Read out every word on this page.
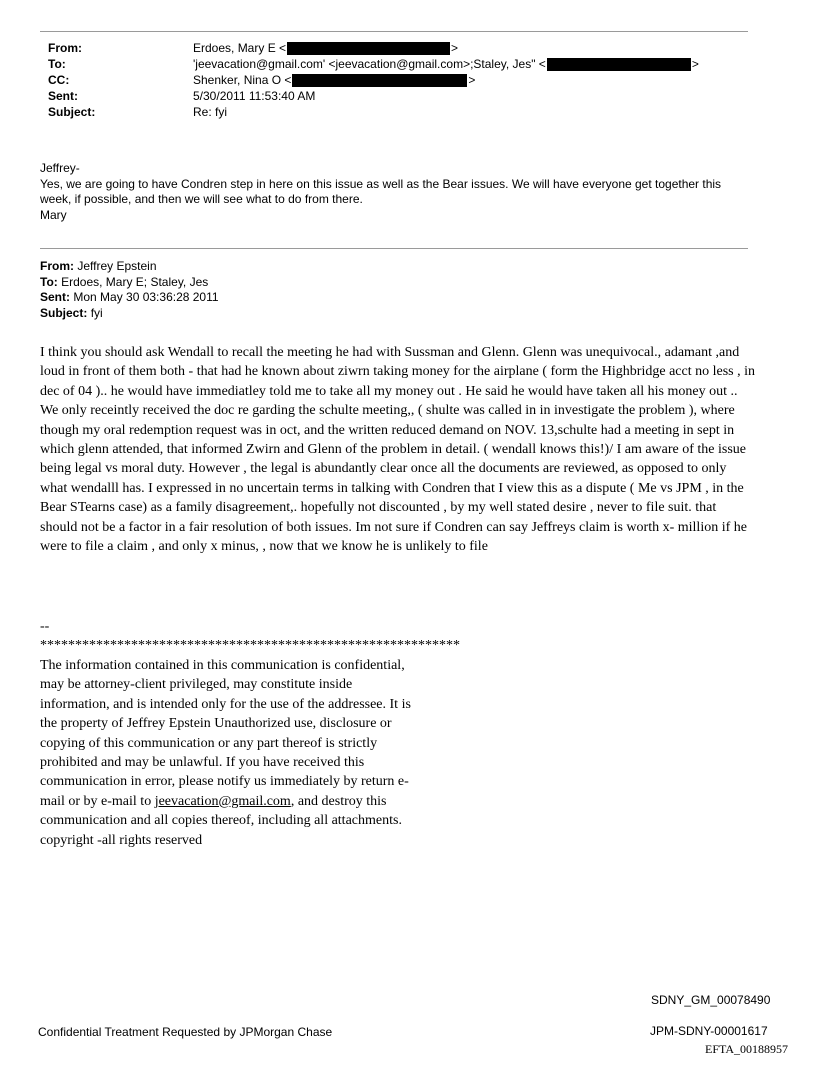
From:	Erdoes, Mary E <	>
To:	'jeevacation@gmail.com' <jeevacation@gmail.com>;Staley, Jes" <	>
CC:	Shenker, Nina O <	>
Sent:	5/30/2011 11:53:40 AM
Subject:	Re: fyi

Jeffrey-

Yes, we are going to have Condren step in here on this issue as well as the Bear issues. We will have everyone get together this week, if possible, and then we will see what to do from there.

Mary

From: Jeffrey Epstein
To: Erdoes, Mary E; Staley, Jes
Sent: Mon May 30 03:36:28 2011
Subject: fyi

I think you should ask Wendall to recall the meeting he had with Sussman and Glenn. Glenn was unequivocal., adamant ,and loud in front of them both - that had he known about ziwrn taking money for the airplane ( form the Highbridge acct no less , in dec of 04 ).. he would have immediatley told me to take all my money out . He said he would have taken all his money out .. We only receintly received the doc re garding the schulte meeting,, ( shulte was called in in investigate the problem ), where though my oral redemption request was in oct, and the written reduced demand on NOV. 13,schulte had a meeting in sept in which glenn attended, that informed Zwirn and Glenn of the problem in detail. ( wendall knows this!)/ I am aware of the issue being legal vs moral duty. However , the legal is abundantly clear once all the documents are reviewed, as opposed to only what wendalll has. I expressed in no uncertain terms in talking with Condren that I view this as a dispute ( Me vs JPM , in the Bear STearns case) as a family disagreement,. hopefully not discounted , by my well stated desire , never to file suit. that should not be a factor in a fair resolution of both issues. Im not sure if Condren can say Jeffreys claim is worth x- million if he were to file a claim , and only x minus, , now that we know he is unlikely to file

--
************************************************************

The information contained in this communication is confidential, may be attorney-client privileged, may constitute inside information, and is intended only for the use of the addressee. It is the property of Jeffrey Epstein Unauthorized use, disclosure or copying of this communication or any part thereof is strictly prohibited and may be unlawful. If you have received this communication in error, please notify us immediately by return e-mail or by e-mail to jeevacation@gmail.com, and destroy this communication and all copies thereof, including all attachments. copyright -all rights reserved

SDNY_GM_00078490
Confidential Treatment Requested by JPMorgan Chase	JPM-SDNY-00001617
EFTA_00188957
